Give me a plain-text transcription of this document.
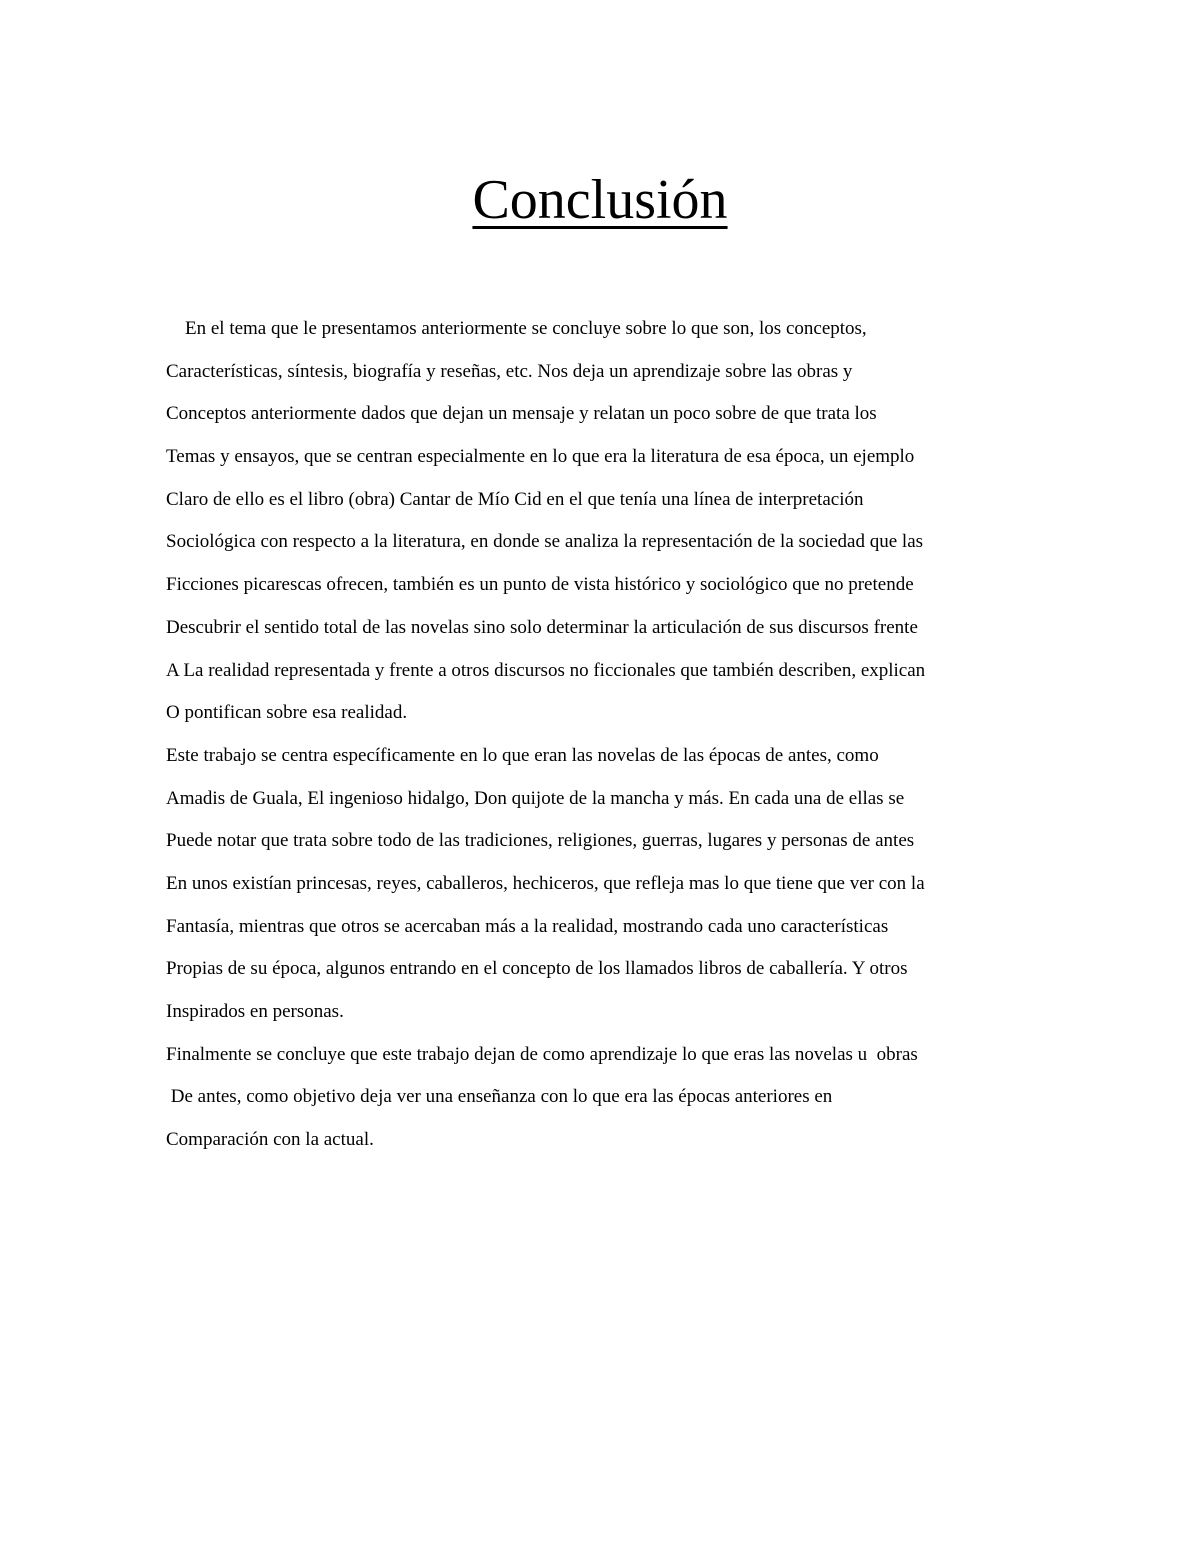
Conclusión
En el tema que le presentamos anteriormente se concluye sobre lo que son, los conceptos,
Características, síntesis, biografía y reseñas, etc. Nos deja un aprendizaje sobre las obras y
Conceptos anteriormente dados que dejan un mensaje y relatan un poco sobre de que trata los
Temas y ensayos, que se centran especialmente en lo que era la literatura de esa época, un ejemplo
Claro de ello es el libro (obra) Cantar de Mío Cid en el que tenía una línea de interpretación
Sociológica con respecto a la literatura, en donde se analiza la representación de la sociedad que las
Ficciones picarescas ofrecen, también es un punto de vista histórico y sociológico que no pretende
Descubrir el sentido total de las novelas sino solo determinar la articulación de sus discursos frente
A La realidad representada y frente a otros discursos no ficcionales que también describen, explican
O pontifican sobre esa realidad.
Este trabajo se centra específicamente en lo que eran las novelas de las épocas de antes, como
Amadis de Guala, El ingenioso hidalgo, Don quijote de la mancha y más. En cada una de ellas se
Puede notar que trata sobre todo de las tradiciones, religiones, guerras, lugares y personas de antes
En unos existían princesas, reyes, caballeros, hechiceros, que refleja mas lo que tiene que ver con la
Fantasía, mientras que otros se acercaban más a la realidad, mostrando cada uno características
Propias de su época, algunos entrando en el concepto de los llamados libros de caballería. Y otros
Inspirados en personas.
Finalmente se concluye que este trabajo dejan de como aprendizaje lo que eras las novelas u  obras
De antes, como objetivo deja ver una enseñanza con lo que era las épocas anteriores en
Comparación con la actual.
